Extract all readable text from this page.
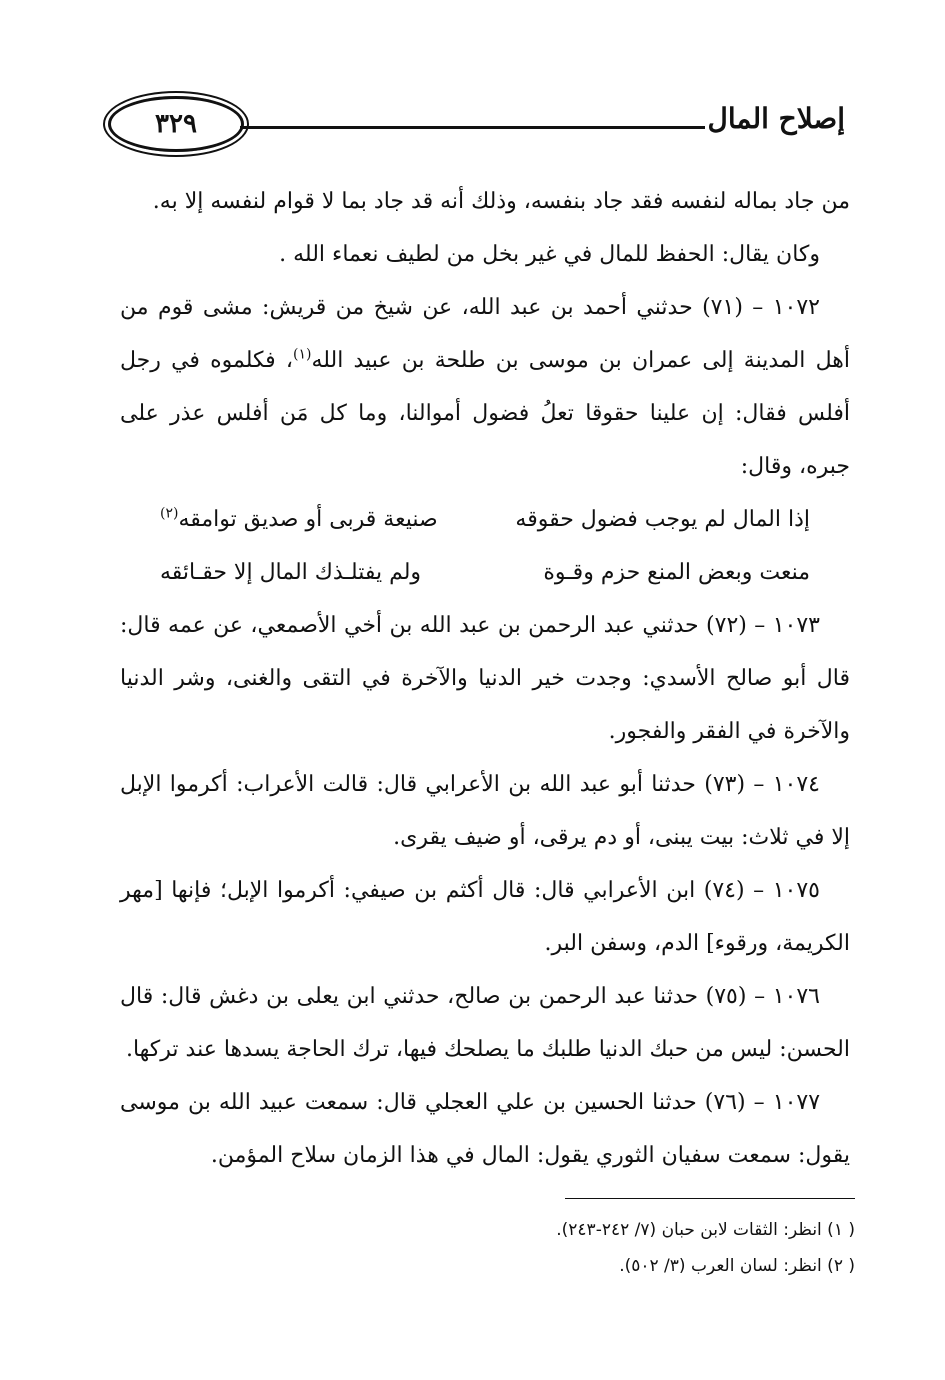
٣٢٩	إصلاح المال

من جاد بماله لنفسه فقد جاد بنفسه، وذلك أنه قد جاد بما لا قوام لنفسه إلا به.

وكان يقال: الحفظ للمال في غير بخل من لطيف نعماء الله .

١٠٧٢ – (٧١) حدثني أحمد بن عبد الله، عن شيخ من قريش: مشى قوم من أهل المدينة إلى عمران بن موسى بن طلحة بن عبيد الله$^{(١)}$، فكلموه في رجل أفلس فقال: إن علينا حقوقا تعلُ فضول أموالنا، وما كل مَن أفلس عذر على جبره، وقال:

إذا المال لم يوجب فضول حقوقه
صنيعة قربى أو صديق توامقه$^{(٢)}$
منعت وبعض المنع حزم وقـوة
ولم يفتلـذك المال إلا حقـائقه

١٠٧٣ – (٧٢) حدثني عبد الرحمن بن عبد الله بن أخي الأصمعي، عن عمه قال: قال أبو صالح الأسدي: وجدت خير الدنيا والآخرة في التقى والغنى، وشر الدنيا والآخرة في الفقر والفجور.

١٠٧٤ – (٧٣) حدثنا أبو عبد الله بن الأعرابي قال: قالت الأعراب: أكرموا الإبل إلا في ثلاث: بيت يبنى، أو دم يرقى، أو ضيف يقرى.

١٠٧٥ – (٧٤) ابن الأعرابي قال: قال أكثم بن صيفي: أكرموا الإبل؛ فإنها [مهر الكريمة، ورقوء] الدم، وسفن البر.

١٠٧٦ – (٧٥) حدثنا عبد الرحمن بن صالح، حدثني ابن يعلى بن دغش قال: قال الحسن: ليس من حبك الدنيا طلبك ما يصلحك فيها، ترك الحاجة يسدها عند تركها.

١٠٧٧ – (٧٦) حدثنا الحسين بن علي العجلي قال: سمعت عبيد الله بن موسى يقول: سمعت سفيان الثوري يقول: المال في هذا الزمان سلاح المؤمن.

( ١) انظر: الثقات لابن حبان (٧/ ٢٤٢-٢٤٣).

( ٢) انظر: لسان العرب (٣/ ٥٠٢).
